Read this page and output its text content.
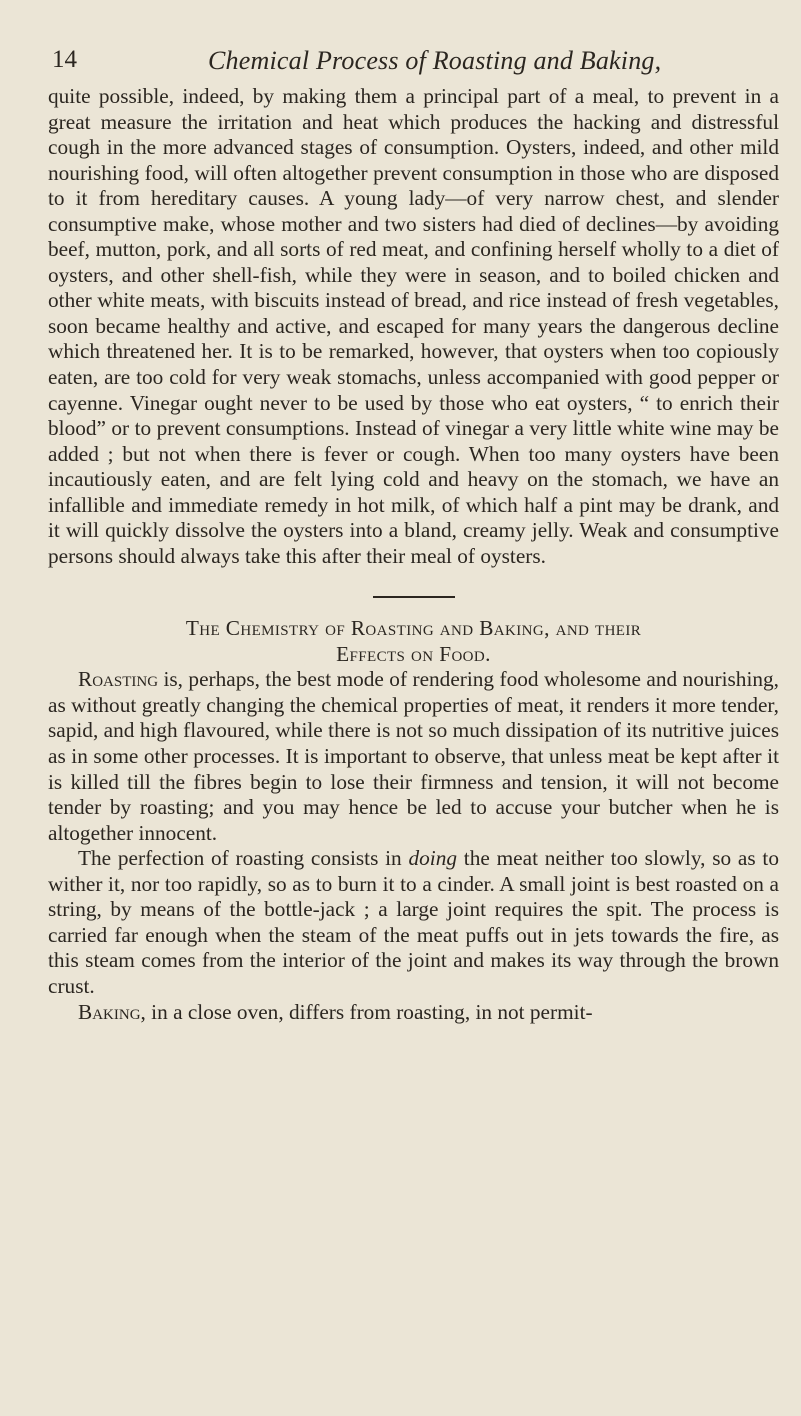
14	Chemical Process of Roasting and Baking,

quite possible, indeed, by making them a principal part of a meal, to prevent in a great measure the irritation and heat which produces the hacking and distressful cough in the more advanced stages of consumption. Oysters, indeed, and other mild nourishing food, will often altogether prevent consumption in those who are disposed to it from hereditary causes. A young lady—of very narrow chest, and slender consumptive make, whose mother and two sisters had died of declines—by avoiding beef, mutton, pork, and all sorts of red meat, and confining herself wholly to a diet of oysters, and other shell-fish, while they were in season, and to boiled chicken and other white meats, with biscuits instead of bread, and rice instead of fresh vegetables, soon became healthy and active, and escaped for many years the dangerous decline which threatened her. It is to be remarked, however, that oysters when too copiously eaten, are too cold for very weak stomachs, unless accompanied with good pepper or cayenne. Vinegar ought never to be used by those who eat oysters, “ to enrich their blood” or to prevent consumptions. Instead of vinegar a very little white wine may be added ; but not when there is fever or cough. When too many oysters have been incautiously eaten, and are felt lying cold and heavy on the stomach, we have an infallible and immediate remedy in hot milk, of which half a pint may be drank, and it will quickly dissolve the oysters into a bland, creamy jelly. Weak and consumptive persons should always take this after their meal of oysters.

The Chemistry of Roasting and Baking, and their
Effects on Food.

Roasting is, perhaps, the best mode of rendering food wholesome and nourishing, as without greatly changing the chemical properties of meat, it renders it more tender, sapid, and high flavoured, while there is not so much dissipation of its nutritive juices as in some other processes. It is important to observe, that unless meat be kept after it is killed till the fibres begin to lose their firmness and tension, it will not become tender by roasting; and you may hence be led to accuse your butcher when he is altogether innocent.

The perfection of roasting consists in doing the meat neither too slowly, so as to wither it, nor too rapidly, so as to burn it to a cinder. A small joint is best roasted on a string, by means of the bottle-jack ; a large joint requires the spit. The process is carried far enough when the steam of the meat puffs out in jets towards the fire, as this steam comes from the interior of the joint and makes its way through the brown crust.

Baking, in a close oven, differs from roasting, in not permit-
